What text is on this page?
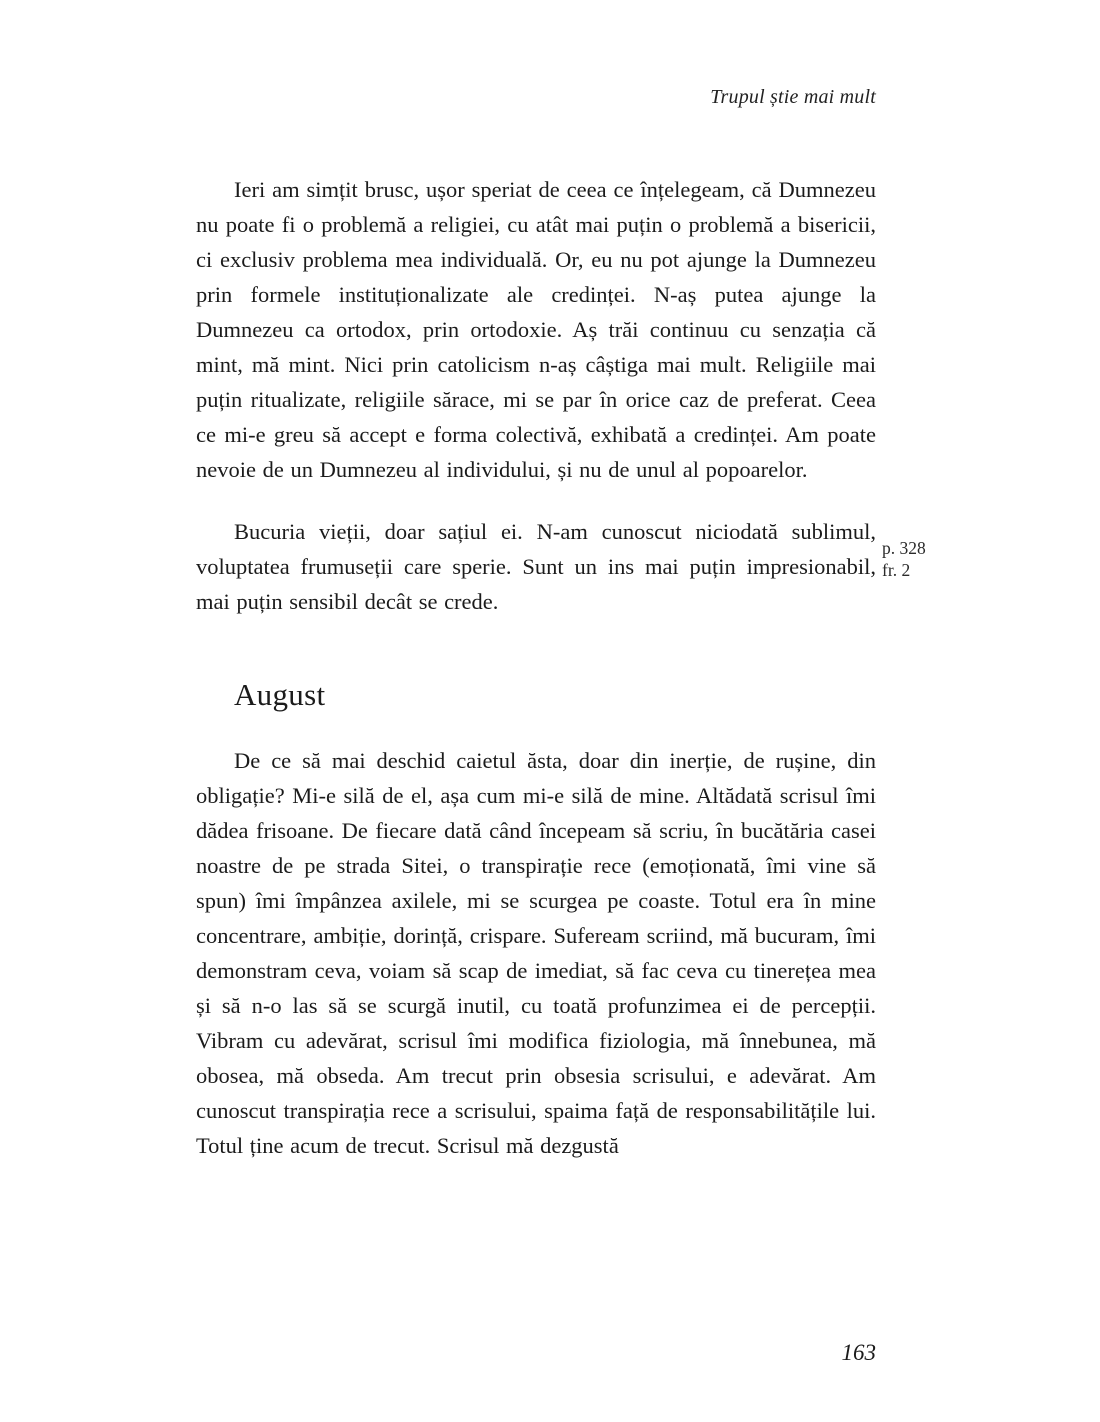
Trupul știe mai mult

Ieri am simțit brusc, ușor speriat de ceea ce înțelegeam, că Dumnezeu nu poate fi o problemă a religiei, cu atât mai puțin o problemă a bisericii, ci exclusiv problema mea individuală. Or, eu nu pot ajunge la Dumnezeu prin formele instituționalizate ale credinței. N-aș putea ajunge la Dumnezeu ca ortodox, prin ortodoxie. Aș trăi continuu cu senzația că mint, mă mint. Nici prin catolicism n-aș câștiga mai mult. Religiile mai puțin ritualizate, religiile sărace, mi se par în orice caz de preferat. Ceea ce mi-e greu să accept e forma colectivă, exhibată a credinței. Am poate nevoie de un Dumnezeu al individului, și nu de unul al popoarelor.

Bucuria vieții, doar sațiul ei. N-am cunoscut niciodată sublimul, voluptatea frumuseții care sperie. Sunt un ins mai puțin impresionabil, mai puțin sensibil decât se crede.

August

De ce să mai deschid caietul ăsta, doar din inerție, de rușine, din obligație? Mi-e silă de el, așa cum mi-e silă de mine. Altădată scrisul îmi dădea frisoane. De fiecare dată când începeam să scriu, în bucătăria casei noastre de pe strada Sitei, o transpirație rece (emoționată, îmi vine să spun) îmi împânzea axilele, mi se scurgea pe coaste. Totul era în mine concentrare, ambiție, dorință, crispare. Sufeream scriind, mă bucuram, îmi demonstram ceva, voiam să scap de imediat, să fac ceva cu tinerețea mea și să n-o las să se scurgă inutil, cu toată profunzimea ei de percepții. Vibram cu adevărat, scrisul îmi modifica fiziologia, mă înnebunea, mă obosea, mă obseda. Am trecut prin obsesia scrisului, e adevărat. Am cunoscut transpirația rece a scrisului, spaima față de responsabilitățile lui. Totul ține acum de trecut. Scrisul mă dezgustă

p. 328
fr. 2
163
